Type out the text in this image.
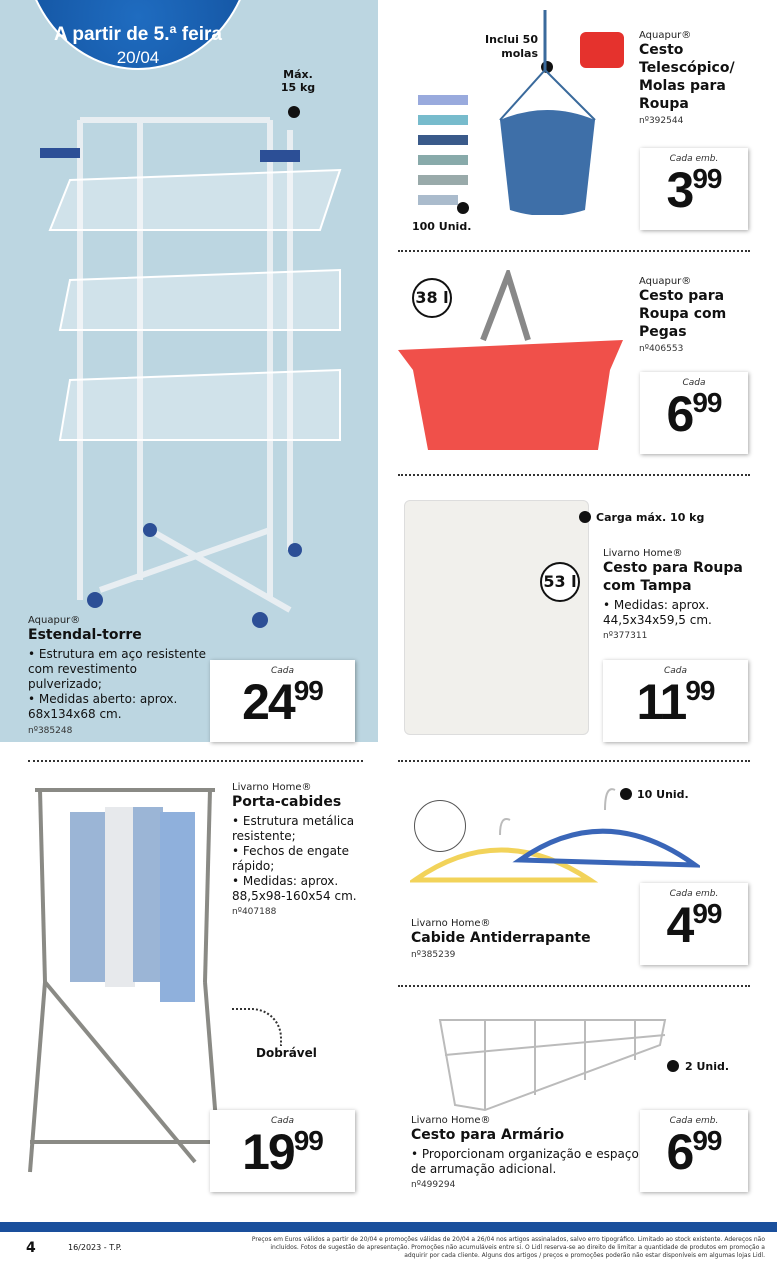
A partir de 5.ª feira
20/04
Máx. 15 kg
Aquapur®
Estendal-torre
• Estrutura em aço resistente com revestimento pulverizado;
• Medidas aberto: aprox. 68x134x68 cm.
nº385248
Cada
$24^{99}$
Inclui 50 molas
100 Unid.
Aquapur®
Cesto Telescópico/ Molas para Roupa
nº392544
Cada emb.
$3^{99}$
38 l
Aquapur®
Cesto para Roupa com Pegas
nº406553
Cada
$6^{99}$
Carga máx. 10 kg
53 l
Livarno Home®
Cesto para Roupa com Tampa
• Medidas: aprox. 44,5x34x59,5 cm.
nº377311
Cada
$11^{99}$
Livarno Home®
Porta-cabides
• Estrutura metálica resistente;
• Fechos de engate rápido;
• Medidas: aprox. 88,5x98-160x54 cm.
nº407188
Dobrável
Cada
$19^{99}$
10 Unid.
Livarno Home®
Cabide Antiderrapante
nº385239
Cada emb.
$4^{99}$
2 Unid.
Livarno Home®
Cesto para Armário
• Proporcionam organização e espaço de arrumação adicional.
nº499294
Cada emb.
$6^{99}$
4	16/2023 - T.P.
Preços em Euros válidos a partir de 20/04 e promoções válidas de 20/04 a 26/04 nos artigos assinalados, salvo erro tipográfico. Limitado ao stock existente. Adereços não incluídos. Fotos de sugestão de apresentação. Promoções não acumuláveis entre si. O Lidl reserva-se ao direito de limitar a quantidade de produtos em promoção a adquirir por cada cliente. Alguns dos artigos / preços e promoções poderão não estar disponíveis em algumas lojas Lidl.
